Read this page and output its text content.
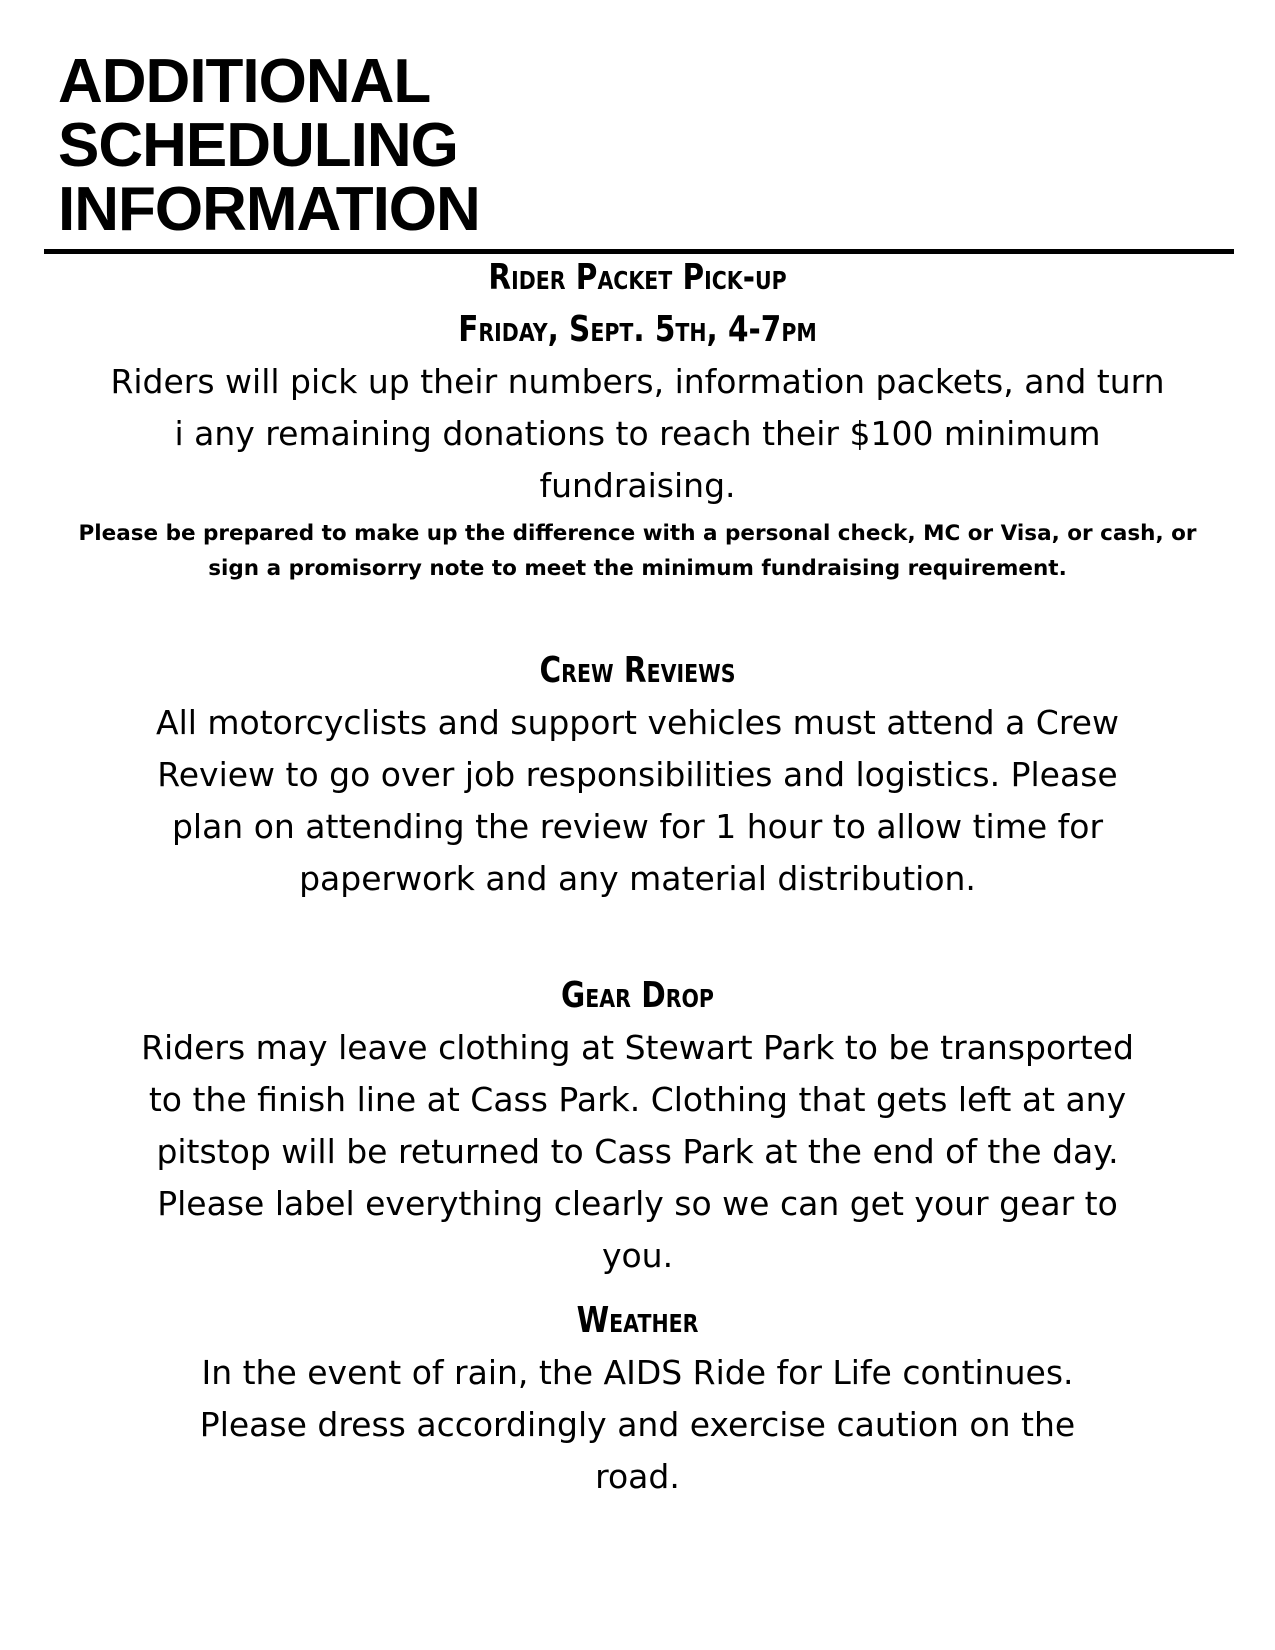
ADDITIONAL
SCHEDULING
INFORMATION
Rider Packet Pick-up
Friday, Sept. 5th, 4-7pm

Riders will pick up their numbers, information packets, and turn i any remaining donations to reach their $100 minimum fundraising.

Please be prepared to make up the difference with a personal check, MC or Visa, or cash, or sign a promisorry note to meet the minimum fundraising requirement.

Crew Reviews

All motorcyclists and support vehicles must attend a Crew Review to go over job responsibilities and logistics. Please plan on attending the review for 1 hour to allow time for paperwork and any material distribution.

Gear Drop

Riders may leave clothing at Stewart Park to be transported to the finish line at Cass Park. Clothing that gets left at any pitstop will be returned to Cass Park at the end of the day. Please label everything clearly so we can get your gear to you.

Weather

In the event of rain, the AIDS Ride for Life continues. Please dress accordingly and exercise caution on the road.
